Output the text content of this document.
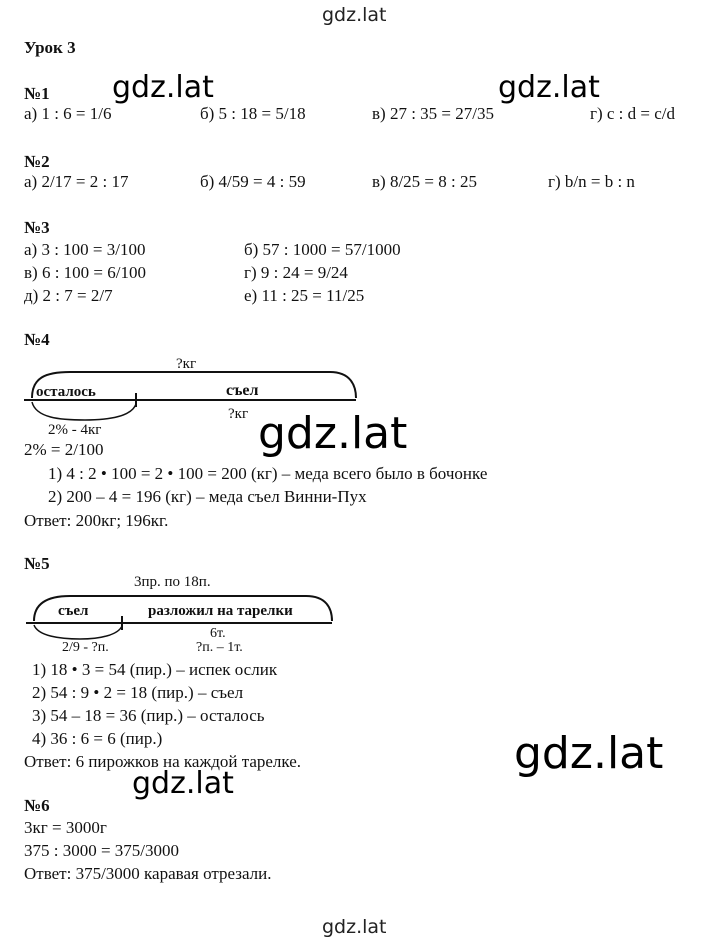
gdz.lat
gdz.lat
Урок 3
№1
а) 1 : 6 = 1/6	б) 5 : 18 = 5/18	в) 27 : 35 = 27/35	г) c : d = c/d
gdz.lat	gdz.lat
№2
а) 2/17 = 2 : 17	б) 4/59 = 4 : 59	в) 8/25 = 8 : 25	г) b/n = b : n
№3
а) 3 : 100 = 3/100	б) 57 : 1000 = 57/1000
в) 6 : 100 = 6/100	г) 9 : 24 = 9/24
д) 2 : 7 = 2/7	е) 11 : 25 = 11/25
№4
?кг
осталось	съел
?кг
2% - 4кг
2% = 2/100
1) 4 : 2 • 100 = 2 • 100 = 200 (кг) – меда всего было в бочонке
2) 200 – 4 = 196 (кг) – меда съел Винни-Пух
Ответ: 200кг; 196кг.
gdz.lat
№5
3пр. по 18п.
съел	разложил на тарелки
6т.
?п. – 1т.
2/9 - ?п.
1) 18 • 3 = 54 (пир.) – испек ослик
2) 54 : 9 • 2 = 18 (пир.) – съел
3) 54 – 18 = 36 (пир.) – осталось
4) 36 : 6 = 6 (пир.)
Ответ: 6 пирожков на каждой тарелке.	gdz.lat
gdz.lat
№6
3кг = 3000г
375 : 3000 = 375/3000
Ответ: 375/3000 каравая отрезали.
